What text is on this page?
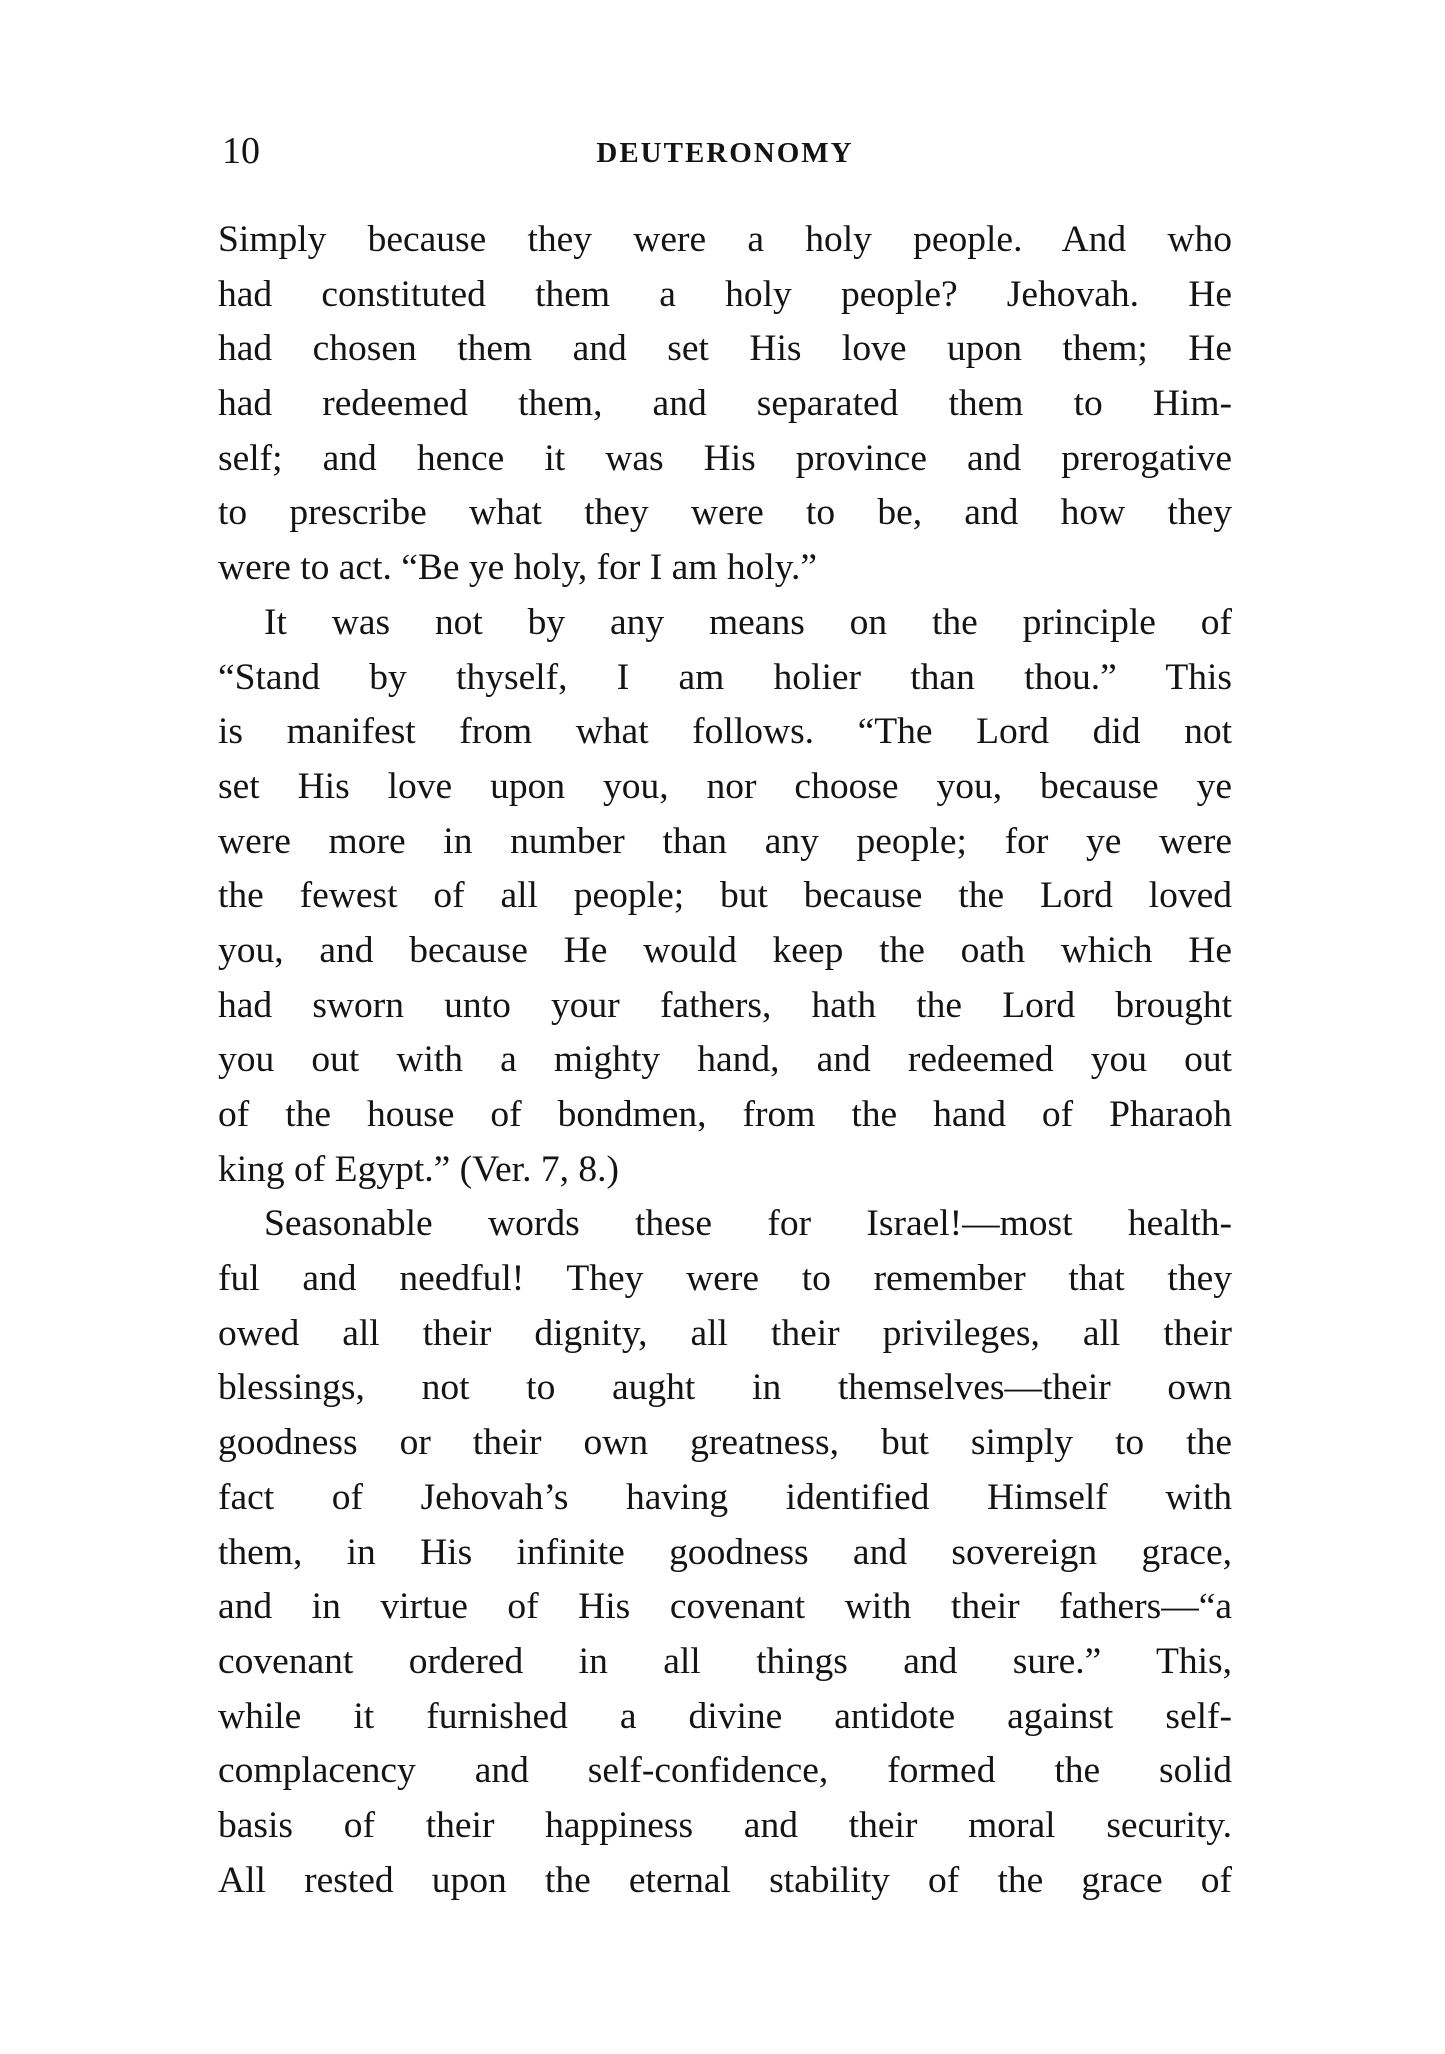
10	DEUTERONOMY
Simply because they were a holy people. And who
had constituted them a holy people? Jehovah. He
had chosen them and set His love upon them; He
had redeemed them, and separated them to Him-
self; and hence it was His province and prerogative
to prescribe what they were to be, and how they
were to act. “Be ye holy, for I am holy.”
It was not by any means on the principle of
“Stand by thyself, I am holier than thou.” This
is manifest from what follows. “The Lord did not
set His love upon you, nor choose you, because ye
were more in number than any people; for ye were
the fewest of all people; but because the Lord loved
you, and because He would keep the oath which He
had sworn unto your fathers, hath the Lord brought
you out with a mighty hand, and redeemed you out
of the house of bondmen, from the hand of Pharaoh
king of Egypt.” (Ver. 7, 8.)
Seasonable words these for Israel!—most health-
ful and needful! They were to remember that they
owed all their dignity, all their privileges, all their
blessings, not to aught in themselves—their own
goodness or their own greatness, but simply to the
fact of Jehovah’s having identified Himself with
them, in His infinite goodness and sovereign grace,
and in virtue of His covenant with their fathers—“a
covenant ordered in all things and sure.” This,
while it furnished a divine antidote against self-
complacency and self-confidence, formed the solid
basis of their happiness and their moral security.
All rested upon the eternal stability of the grace of
